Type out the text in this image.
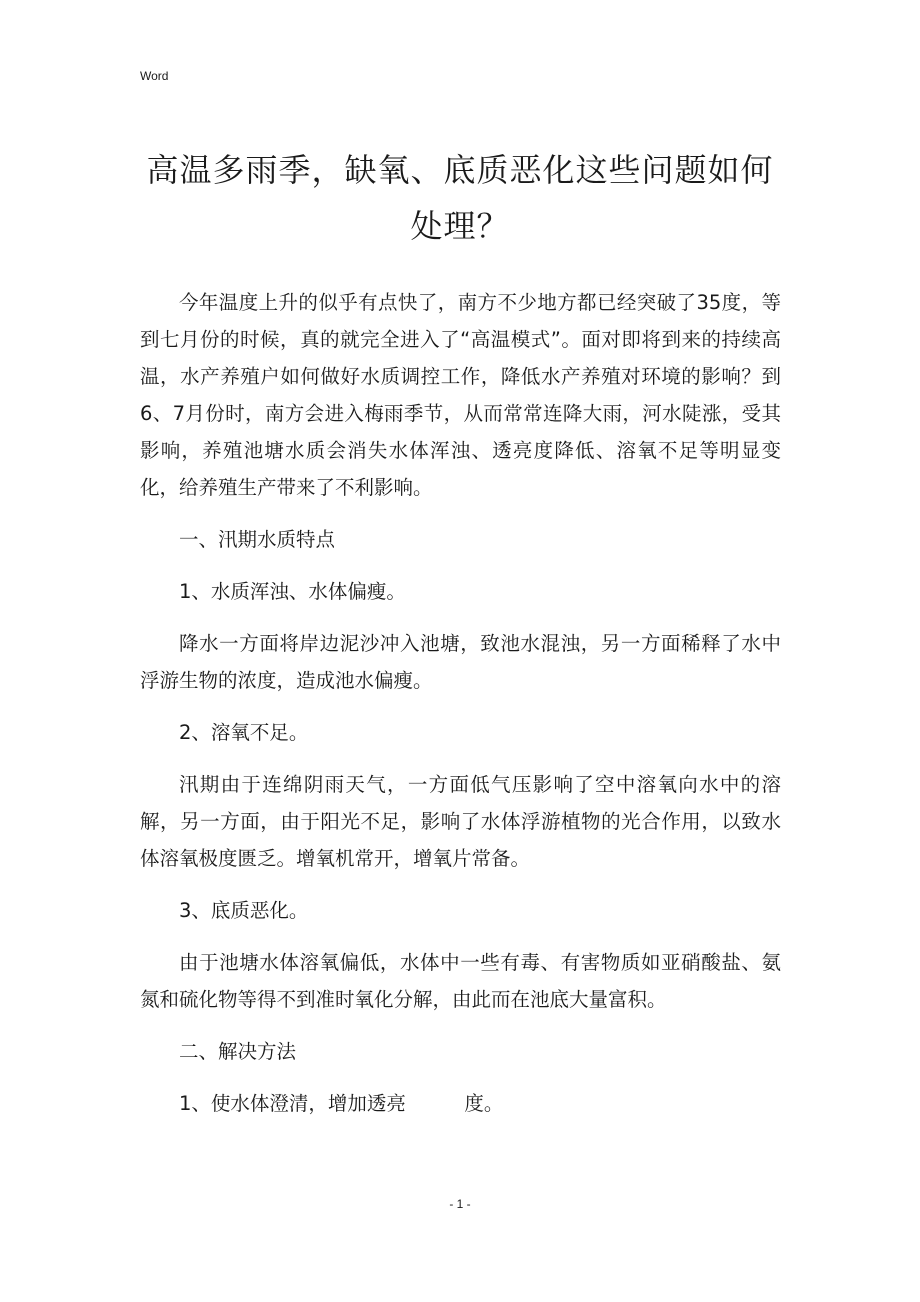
Word
高温多雨季，缺氧、底质恶化这些问题如何处理？

今年温度上升的似乎有点快了，南方不少地方都已经突破了35度，等到七月份的时候，真的就完全进入了“高温模式”。面对即将到来的持续高温，水产养殖户如何做好水质调控工作，降低水产养殖对环境的影响？到6、7月份时，南方会进入梅雨季节，从而常常连降大雨，河水陡涨，受其影响，养殖池塘水质会消失水体浑浊、透亮度降低、溶氧不足等明显变化，给养殖生产带来了不利影响。

一、汛期水质特点

1、水质浑浊、水体偏瘦。

降水一方面将岸边泥沙冲入池塘，致池水混浊，另一方面稀释了水中浮游生物的浓度，造成池水偏瘦。

2、溶氧不足。

汛期由于连绵阴雨天气，一方面低气压影响了空中溶氧向水中的溶解，另一方面，由于阳光不足，影响了水体浮游植物的光合作用，以致水体溶氧极度匮乏。增氧机常开，增氧片常备。

3、底质恶化。

由于池塘水体溶氧偏低，水体中一些有毒、有害物质如亚硝酸盐、氨氮和硫化物等得不到准时氧化分解，由此而在池底大量富积。

二、解决方法

1、使水体澄清，增加透亮　　　度。

- 1 -
